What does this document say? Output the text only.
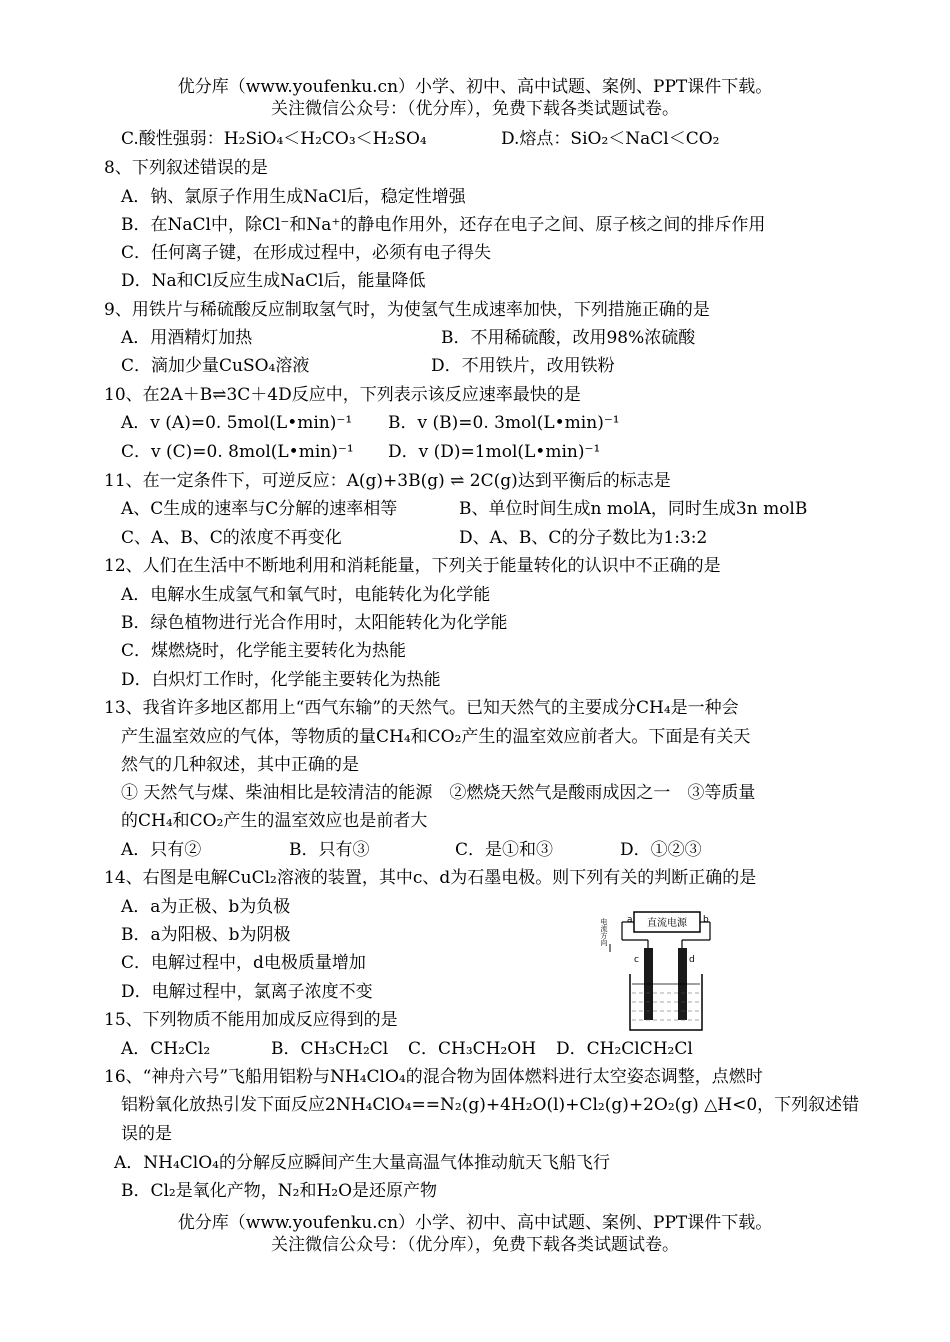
优分库（www.youfenku.cn）小学、初中、高中试题、案例、PPT课件下载。
关注微信公众号：（优分库），免费下载各类试题试卷。
C.酸性强弱：H₂SiO₄＜H₂CO₃＜H₂SO₄	D.熔点：SiO₂＜NaCl＜CO₂
8、下列叙述错误的是
A．钠、氯原子作用生成NaCl后，稳定性增强
B．在NaCl中，除Cl⁻和Na⁺的静电作用外，还存在电子之间、原子核之间的排斥作用
C．任何离子键，在形成过程中，必须有电子得失
D．Na和Cl反应生成NaCl后，能量降低
9、用铁片与稀硫酸反应制取氢气时，为使氢气生成速率加快，下列措施正确的是
A．用酒精灯加热	B．不用稀硫酸，改用98%浓硫酸
C．滴加少量CuSO₄溶液	D．不用铁片，改用铁粉
10、在2A＋B⇌3C＋4D反应中，下列表示该反应速率最快的是
A．v (A)=0. 5mol(L•min)⁻¹ B．v (B)=0. 3mol(L•min)⁻¹
C．v (C)=0. 8mol(L•min)⁻¹ D．v (D)=1mol(L•min)⁻¹
11、在一定条件下，可逆反应：A(g)+3B(g) ⇌ 2C(g)达到平衡后的标志是
A、C生成的速率与C分解的速率相等	B、单位时间生成n molA，同时生成3n molB
C、A、B、C的浓度不再变化	D、A、B、C的分子数比为1:3:2
12、人们在生活中不断地利用和消耗能量，下列关于能量转化的认识中不正确的是
A．电解水生成氢气和氧气时，电能转化为化学能
B．绿色植物进行光合作用时，太阳能转化为化学能
C．煤燃烧时，化学能主要转化为热能
D．白炽灯工作时，化学能主要转化为热能
13、我省许多地区都用上“西气东输”的天然气。已知天然气的主要成分CH₄是一种会
产生温室效应的气体，等物质的量CH₄和CO₂产生的温室效应前者大。下面是有关天
然气的几种叙述，其中正确的是
① 天然气与煤、柴油相比是较清洁的能源　②燃烧天然气是酸雨成因之一　③等质量
的CH₄和CO₂产生的温室效应也是前者大
A．只有②	B．只有③	C．是①和③	D．①②③
14、右图是电解CuCl₂溶液的装置，其中c、d为石墨电极。则下列有关的判断正确的是
A．a为正极、b为负极
B．a为阳极、b为阴极
C．电解过程中，d电极质量增加
D．电解过程中，氯离子浓度不变
直流电源
a	b
电流方向
c	d
15、下列物质不能用加成反应得到的是
A．CH₂Cl₂	B．CH₃CH₂Cl C．CH₃CH₂OH D．CH₂ClCH₂Cl
16、“神舟六号”飞船用铝粉与NH₄ClO₄的混合物为固体燃料进行太空姿态调整，点燃时
铝粉氧化放热引发下面反应2NH₄ClO₄==N₂(g)+4H₂O(l)+Cl₂(g)+2O₂(g) △H<0，下列叙述错
误的是
A．NH₄ClO₄的分解反应瞬间产生大量高温气体推动航天飞船飞行
B．Cl₂是氧化产物，N₂和H₂O是还原产物
优分库（www.youfenku.cn）小学、初中、高中试题、案例、PPT课件下载。
关注微信公众号：（优分库），免费下载各类试题试卷。
